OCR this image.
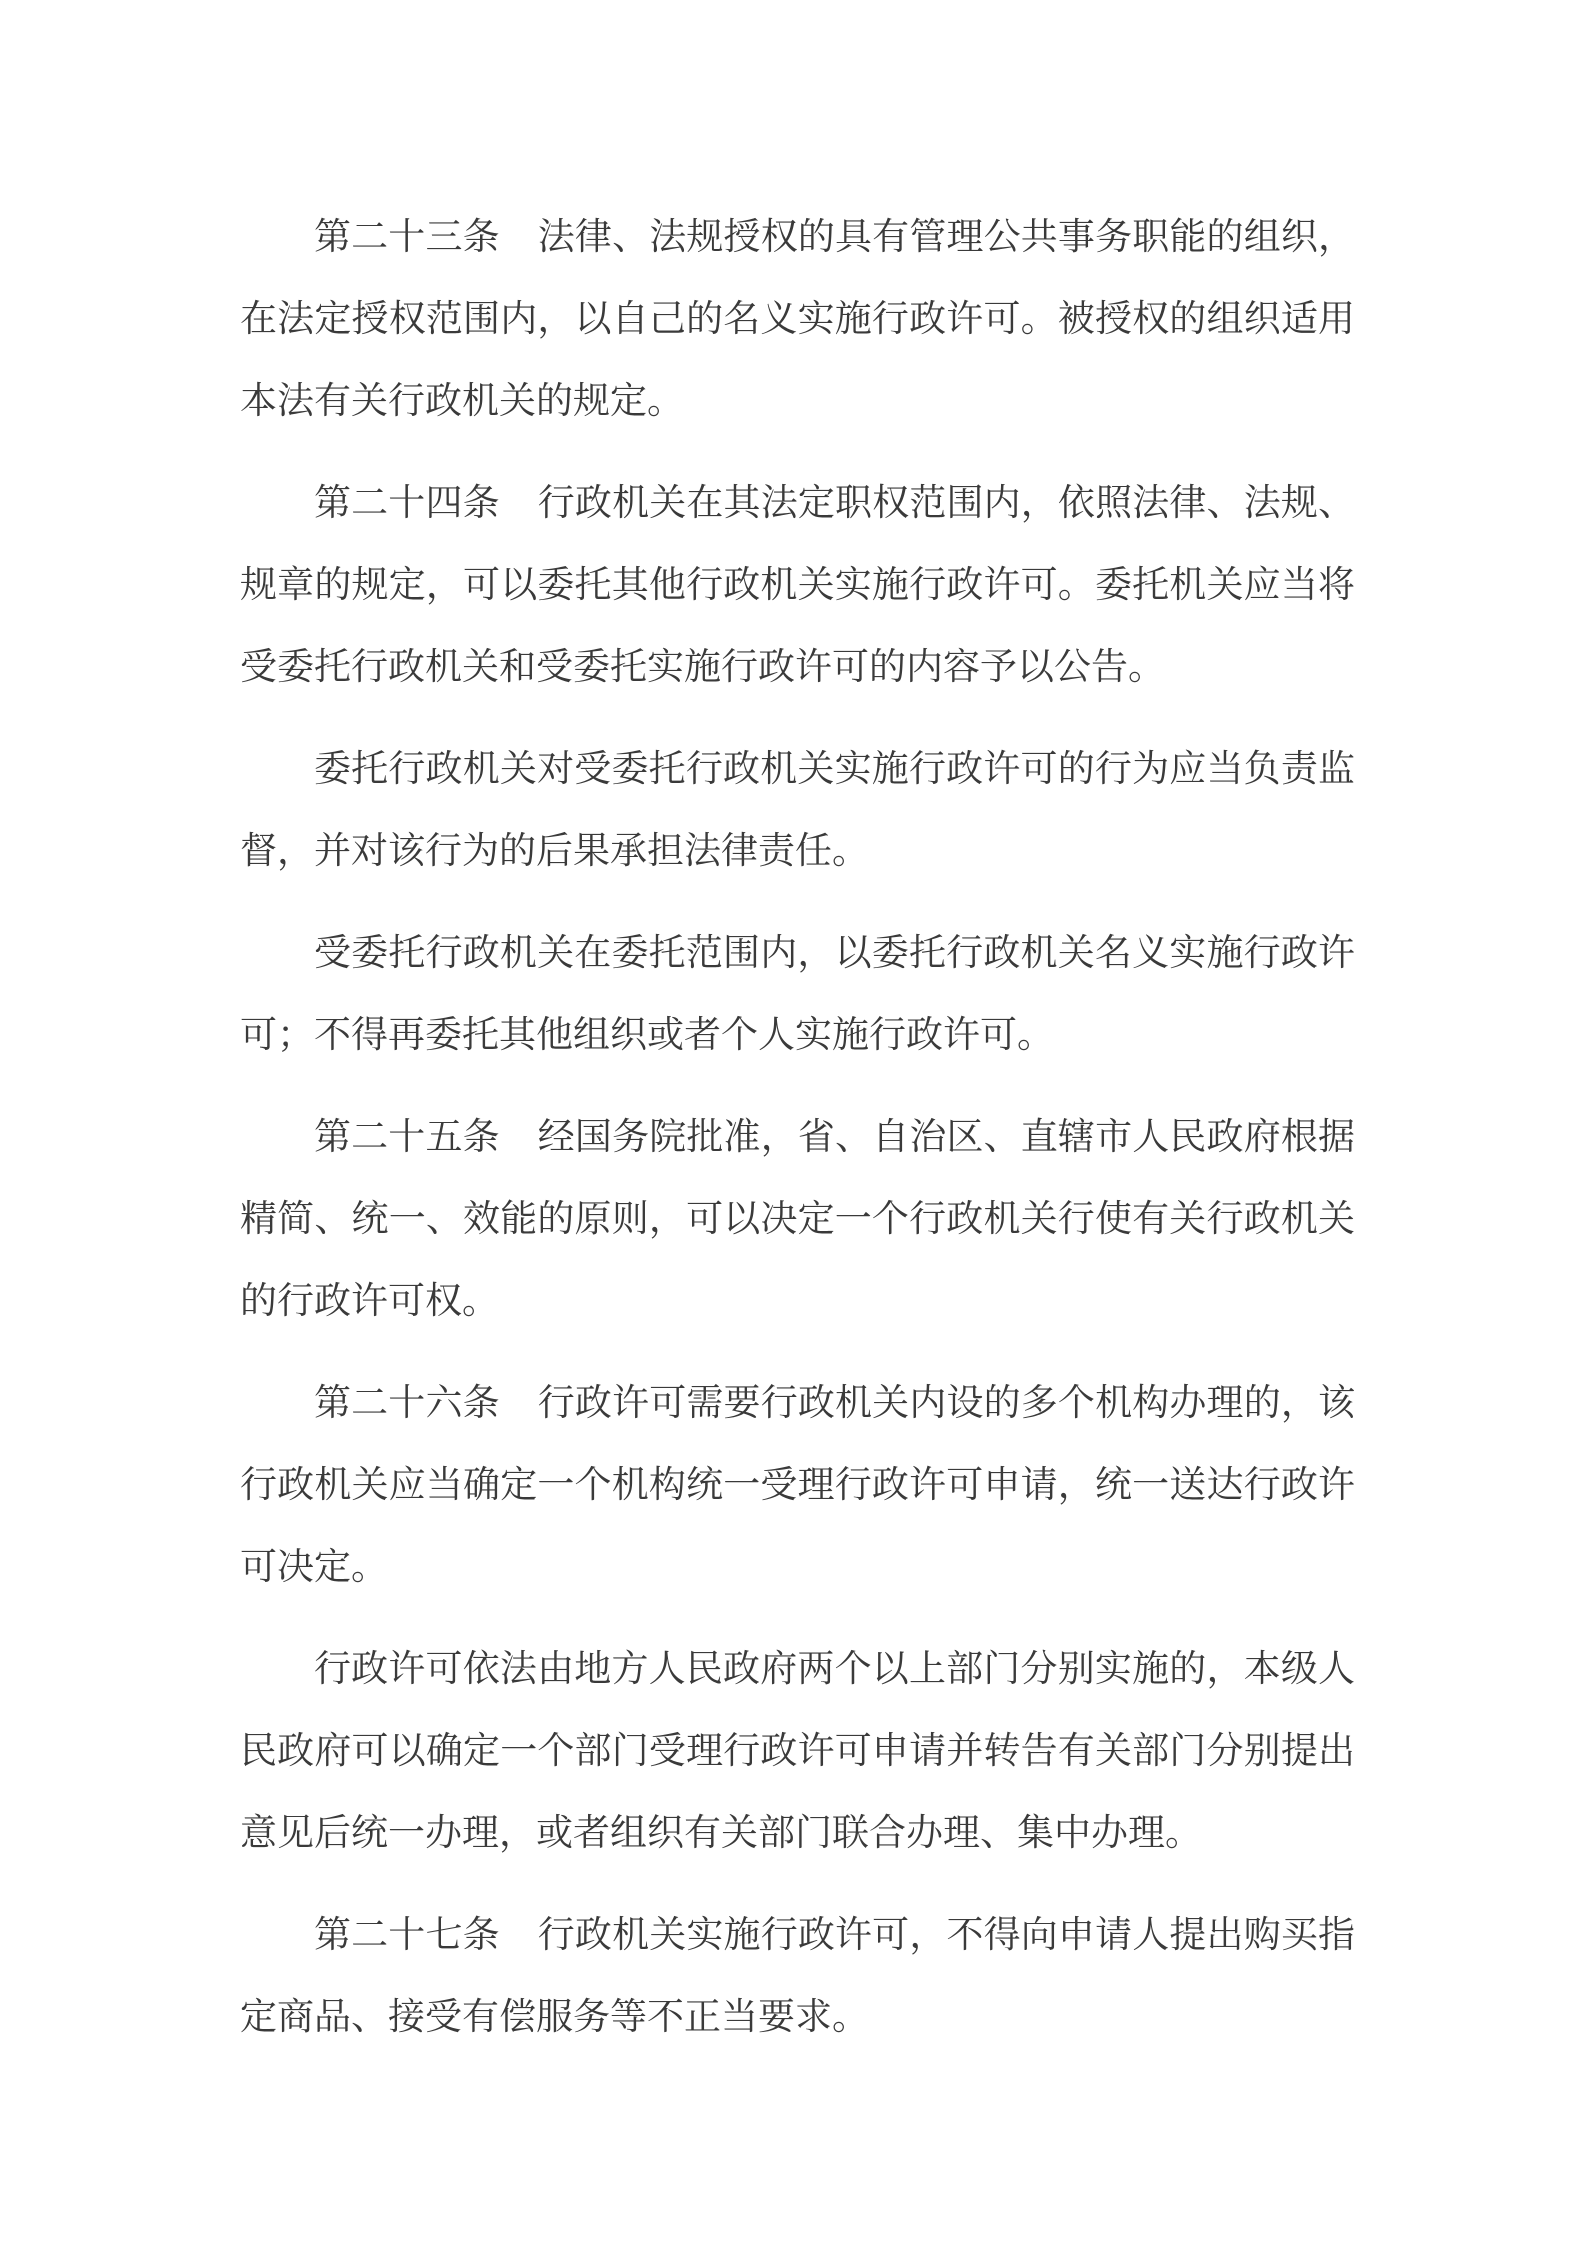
第二十三条 法律、法规授权的具有管理公共事务职能的组织，在法定授权范围内，以自己的名义实施行政许可。被授权的组织适用本法有关行政机关的规定。

第二十四条 行政机关在其法定职权范围内，依照法律、法规、规章的规定，可以委托其他行政机关实施行政许可。委托机关应当将受委托行政机关和受委托实施行政许可的内容予以公告。

委托行政机关对受委托行政机关实施行政许可的行为应当负责监督，并对该行为的后果承担法律责任。

受委托行政机关在委托范围内，以委托行政机关名义实施行政许可；不得再委托其他组织或者个人实施行政许可。

第二十五条 经国务院批准，省、自治区、直辖市人民政府根据精简、统一、效能的原则，可以决定一个行政机关行使有关行政机关的行政许可权。

第二十六条 行政许可需要行政机关内设的多个机构办理的，该行政机关应当确定一个机构统一受理行政许可申请，统一送达行政许可决定。

行政许可依法由地方人民政府两个以上部门分别实施的，本级人民政府可以确定一个部门受理行政许可申请并转告有关部门分别提出意见后统一办理，或者组织有关部门联合办理、集中办理。

第二十七条 行政机关实施行政许可，不得向申请人提出购买指定商品、接受有偿服务等不正当要求。
